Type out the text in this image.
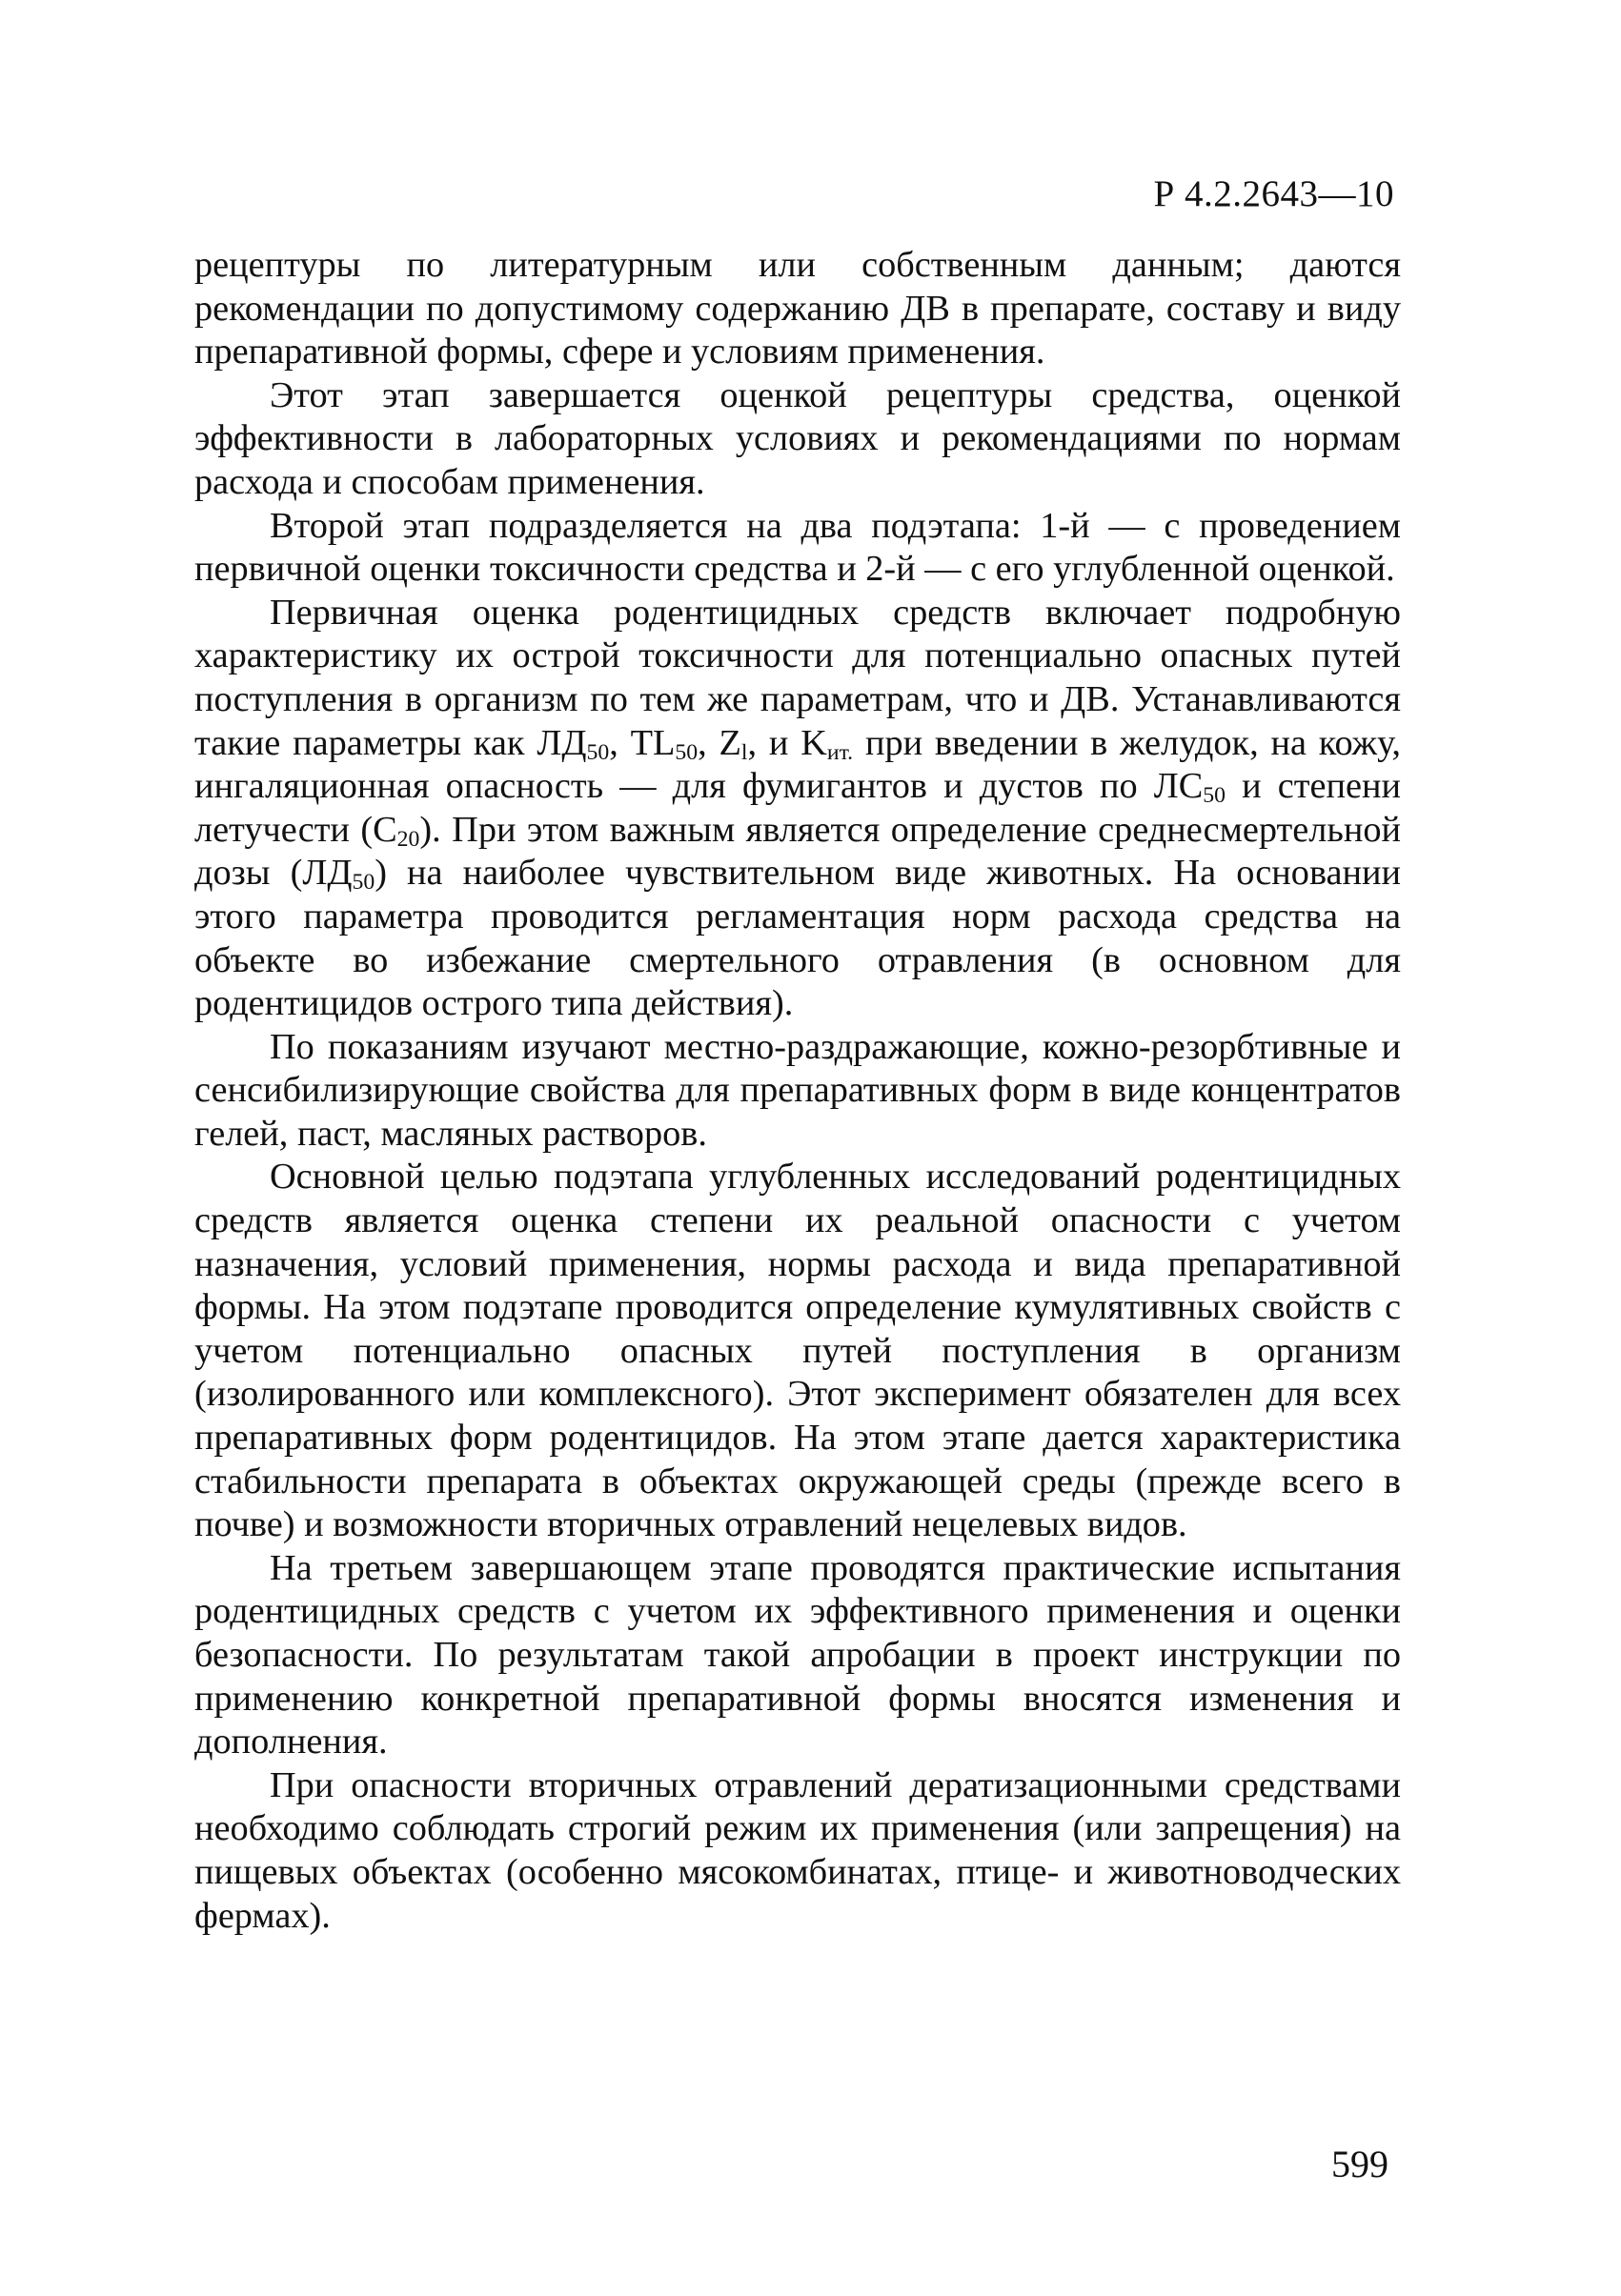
Р 4.2.2643—10

рецептуры по литературным или собственным данным; даются рекомендации по допустимому содержанию ДВ в препарате, составу и виду препаративной формы, сфере и условиям применения.

Этот этап завершается оценкой рецептуры средства, оценкой эффективности в лабораторных условиях и рекомендациями по нормам расхода и способам применения.

Второй этап подразделяется на два подэтапа: 1-й — с проведением первичной оценки токсичности средства и 2-й — с его углубленной оценкой.

Первичная оценка родентицидных средств включает подробную характеристику их острой токсичности для потенциально опасных путей поступления в организм по тем же параметрам, что и ДВ. Устанавливаются такие параметры как $ЛД_{50}$, $TL_{50}$, $Z_l$, и $K_{ит.}$ при введении в желудок, на кожу, ингаляционная опасность — для фумигантов и дустов по $ЛС_{50}$ и степени летучести $(С_{20})$. При этом важным является определение среднесмертельной дозы $(ЛД_{50})$ на наиболее чувствительном виде животных. На основании этого параметра проводится регламентация норм расхода средства на объекте во избежание смертельного отравления (в основном для родентицидов острого типа действия).

По показаниям изучают местно-раздражающие, кожно-резорбтивные и сенсибилизирующие свойства для препаративных форм в виде концентратов гелей, паст, масляных растворов.

Основной целью подэтапа углубленных исследований родентицидных средств является оценка степени их реальной опасности с учетом назначения, условий применения, нормы расхода и вида препаративной формы. На этом подэтапе проводится определение кумулятивных свойств с учетом потенциально опасных путей поступления в организм (изолированного или комплексного). Этот эксперимент обязателен для всех препаративных форм родентицидов. На этом этапе дается характеристика стабильности препарата в объектах окружающей среды (прежде всего в почве) и возможности вторичных отравлений нецелевых видов.

На третьем завершающем этапе проводятся практические испытания родентицидных средств с учетом их эффективного применения и оценки безопасности. По результатам такой апробации в проект инструкции по применению конкретной препаративной формы вносятся изменения и дополнения.

При опасности вторичных отравлений дератизационными средствами необходимо соблюдать строгий режим их применения (или запрещения) на пищевых объектах (особенно мясокомбинатах, птице- и животноводческих фермах).

599
